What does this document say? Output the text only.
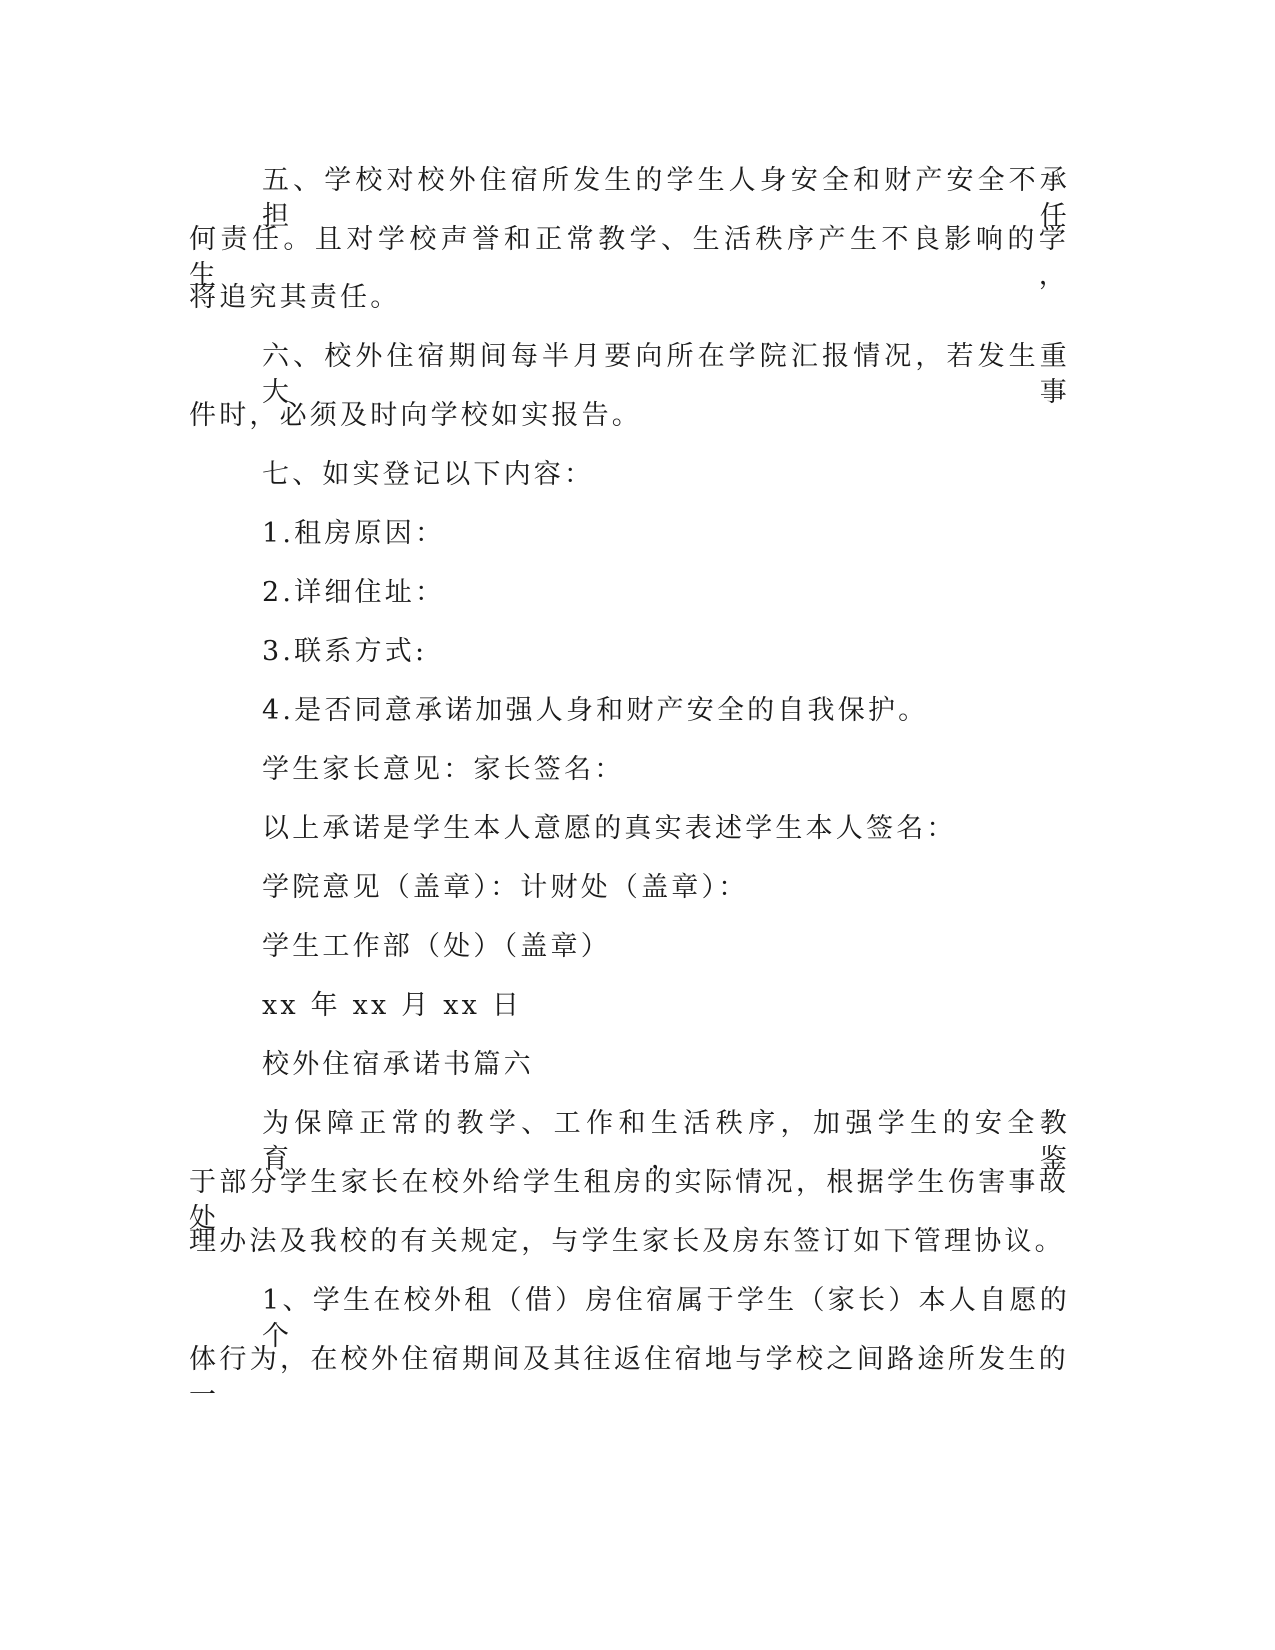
五、学校对校外住宿所发生的学生人身安全和财产安全不承担任
何责任。且对学校声誉和正常教学、生活秩序产生不良影响的学生，
将追究其责任。
六、校外住宿期间每半月要向所在学院汇报情况，若发生重大事
件时，必须及时向学校如实报告。
七、如实登记以下内容：
1.租房原因：
2.详细住址：
3.联系方式:
4.是否同意承诺加强人身和财产安全的自我保护。
学生家长意见：家长签名：
以上承诺是学生本人意愿的真实表述学生本人签名：
学院意见（盖章）：计财处（盖章）：
学生工作部（处）（盖章）
xx 年 xx 月 xx 日
校外住宿承诺书篇六
为保障正常的教学、工作和生活秩序，加强学生的安全教育，鉴
于部分学生家长在校外给学生租房的实际情况，根据学生伤害事故处
理办法及我校的有关规定，与学生家长及房东签订如下管理协议。
1、学生在校外租（借）房住宿属于学生（家长）本人自愿的个
体行为，在校外住宿期间及其往返住宿地与学校之间路途所发生的一
